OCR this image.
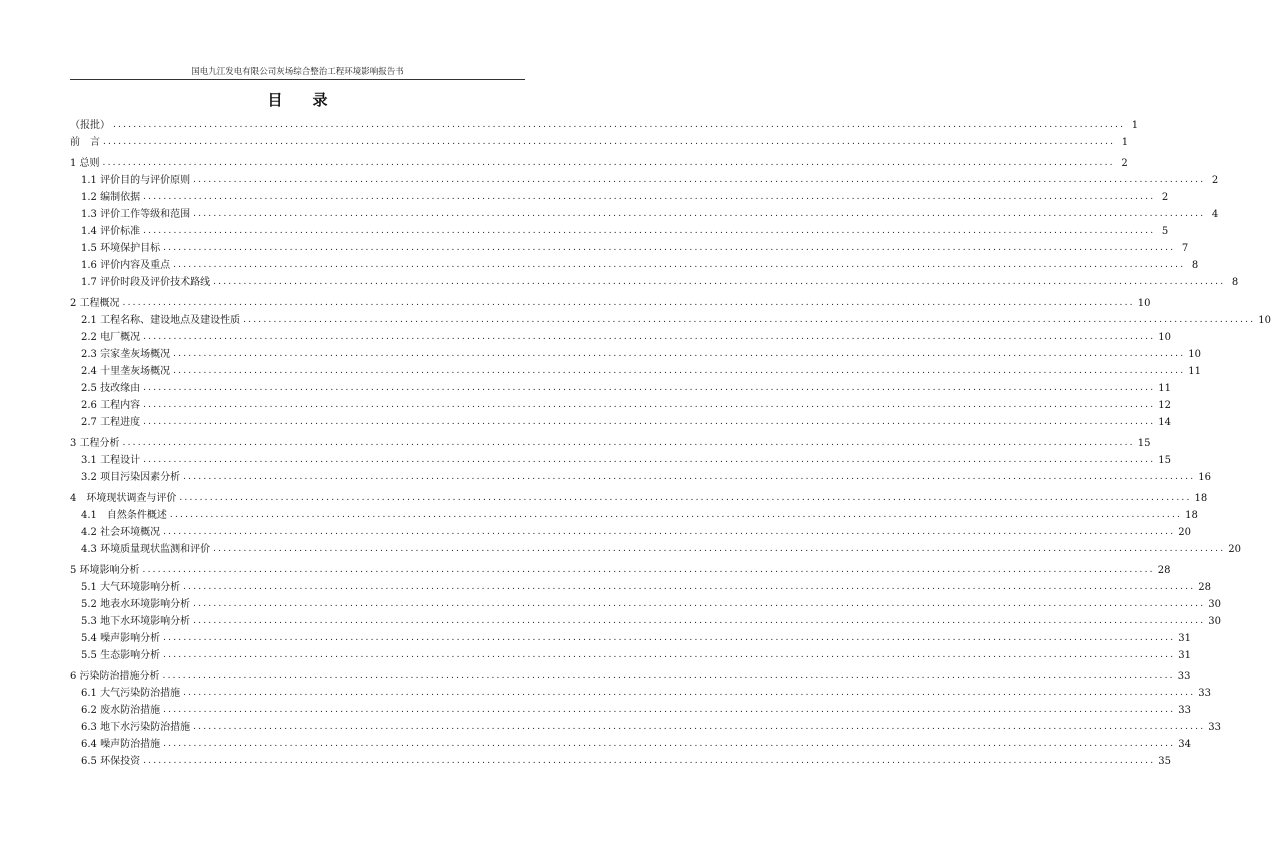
国电九江发电有限公司灰场综合整治工程环境影响报告书
目　　录
（报批） ........................................................................................................................................................................................................ 1
前　言 ........................................................................................................................................................................................................ 1
1 总则 ........................................................................................................................................................................................................ 2
1.1 评价目的与评价原则 ........................................................................................................................................................................................................ 2
1.2 编制依据 ........................................................................................................................................................................................................ 2
1.3 评价工作等级和范围 ........................................................................................................................................................................................................ 4
1.4 评价标准 ........................................................................................................................................................................................................ 5
1.5 环境保护目标 ........................................................................................................................................................................................................ 7
1.6 评价内容及重点 ........................................................................................................................................................................................................ 8
1.7 评价时段及评价技术路线 ........................................................................................................................................................................................................ 8
2 工程概况 ........................................................................................................................................................................................................ 10
2.1 工程名称、建设地点及建设性质 ........................................................................................................................................................................................................ 10
2.2 电厂概况 ........................................................................................................................................................................................................ 10
2.3 宗家垄灰场概况 ........................................................................................................................................................................................................ 10
2.4 十里垄灰场概况 ........................................................................................................................................................................................................ 11
2.5 技改缘由 ........................................................................................................................................................................................................ 11
2.6 工程内容 ........................................................................................................................................................................................................ 12
2.7 工程进度 ........................................................................................................................................................................................................ 14
3 工程分析 ........................................................................................................................................................................................................ 15
3.1 工程设计 ........................................................................................................................................................................................................ 15
3.2 项目污染因素分析 ........................................................................................................................................................................................................ 16
4　环境现状调查与评价 ........................................................................................................................................................................................................ 18
4.1　自然条件概述 ........................................................................................................................................................................................................ 18
4.2 社会环境概况 ........................................................................................................................................................................................................ 20
4.3 环境质量现状监测和评价 ........................................................................................................................................................................................................ 20
5 环境影响分析 ........................................................................................................................................................................................................ 28
5.1 大气环境影响分析 ........................................................................................................................................................................................................ 28
5.2 地表水环境影响分析 ........................................................................................................................................................................................................ 30
5.3 地下水环境影响分析 ........................................................................................................................................................................................................ 30
5.4 噪声影响分析 ........................................................................................................................................................................................................ 31
5.5 生态影响分析 ........................................................................................................................................................................................................ 31
6 污染防治措施分析 ........................................................................................................................................................................................................ 33
6.1 大气污染防治措施 ........................................................................................................................................................................................................ 33
6.2 废水防治措施 ........................................................................................................................................................................................................ 33
6.3 地下水污染防治措施 ........................................................................................................................................................................................................ 33
6.4 噪声防治措施 ........................................................................................................................................................................................................ 34
6.5 环保投资 ........................................................................................................................................................................................................ 35
